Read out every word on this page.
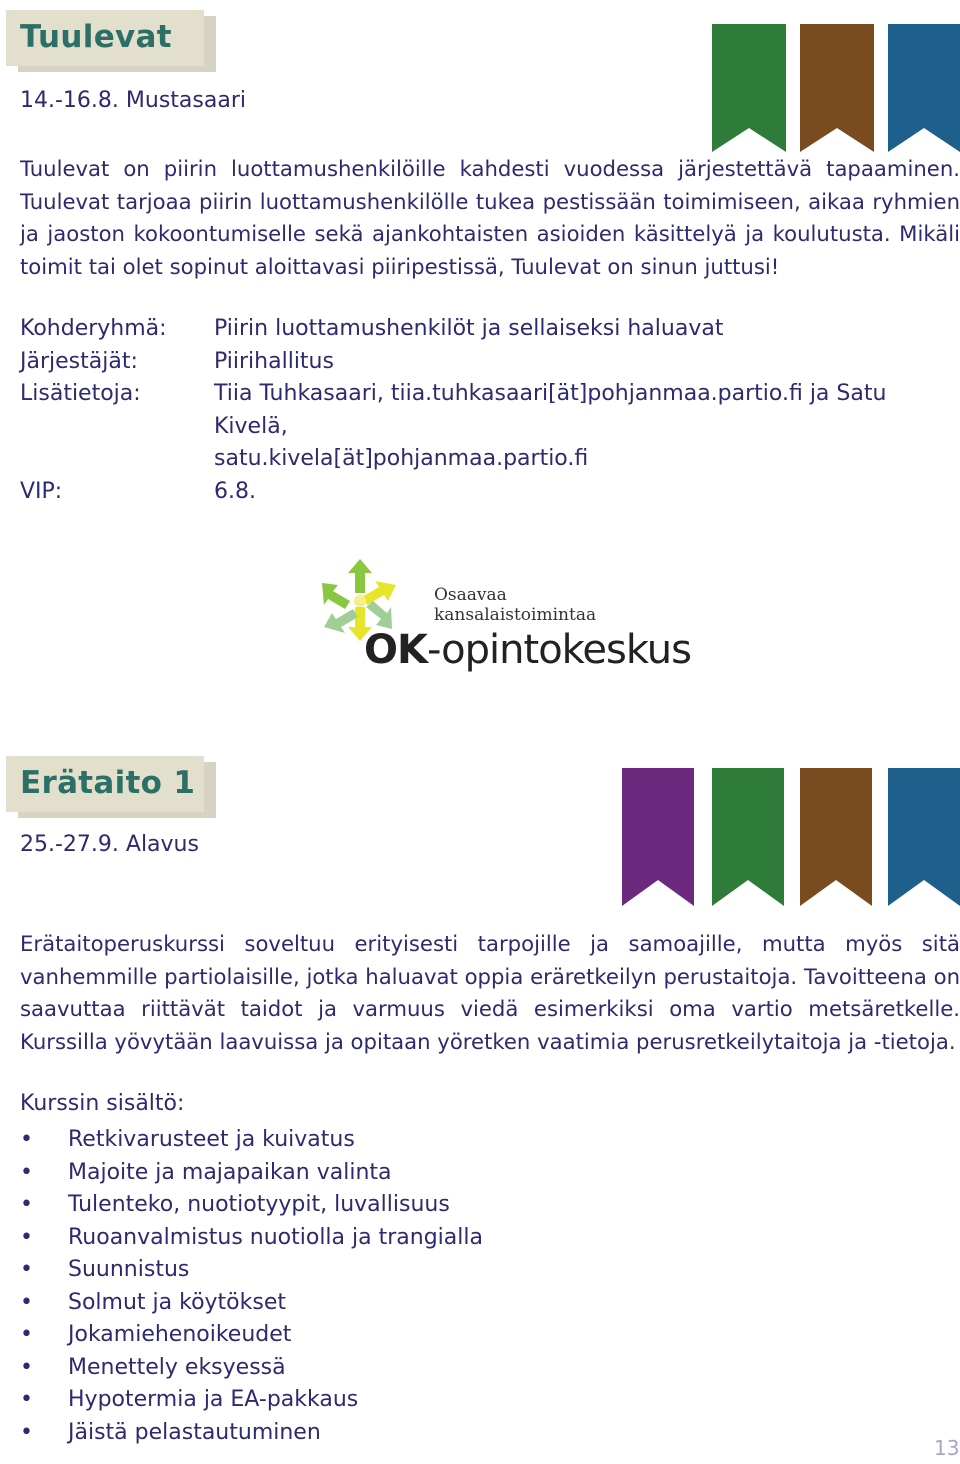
Tuulevat
14.-16.8. Mustasaari

Tuulevat on piirin luottamushenkilöille kahdesti vuodessa järjestettävä tapaaminen. Tuulevat tarjoaa piirin luottamushenkilölle tukea pestissään toimimiseen, aikaa ryhmien ja jaoston kokoontumiselle sekä ajankohtaisten asioiden käsittelyä ja koulutusta. Mikäli toimit tai olet sopinut aloittavasi piiripestissä, Tuulevat on sinun juttusi!

Kohderyhmä:	Piirin luottamushenkilöt ja sellaiseksi haluavat
Järjestäjät:	Piirihallitus
Lisätietoja:	Tiia Tuhkasaari, tiia.tuhkasaari[ät]pohjanmaa.partio.fi ja Satu Kivelä,
satu.kivela[ät]pohjanmaa.partio.fi
VIP:	6.8.
Osaavaa
kansalaistoimintaa
OK-opintokeskus
Erätaito 1
25.-27.9. Alavus

Erätaitoperuskurssi soveltuu erityisesti tarpojille ja samoajille, mutta myös sitä vanhemmille partiolaisille, jotka haluavat oppia eräretkeilyn perustaitoja. Tavoitteena on saavuttaa riittävät taidot ja varmuus viedä esimerkiksi oma vartio metsäretkelle. Kurssilla yövytään laavuissa ja opitaan yöretken vaatimia perusretkeilytaitoja ja -tietoja.

Kurssin sisältö:
• Retkivarusteet ja kuivatus
• Majoite ja majapaikan valinta
• Tulenteko, nuotiotyypit, luvallisuus
• Ruoanvalmistus nuotiolla ja trangialla
• Suunnistus
• Solmut ja köytökset
• Jokamiehenoikeudet
• Menettely eksyessä
• Hypotermia ja EA-pakkaus
• Jäistä pelastautuminen
13
